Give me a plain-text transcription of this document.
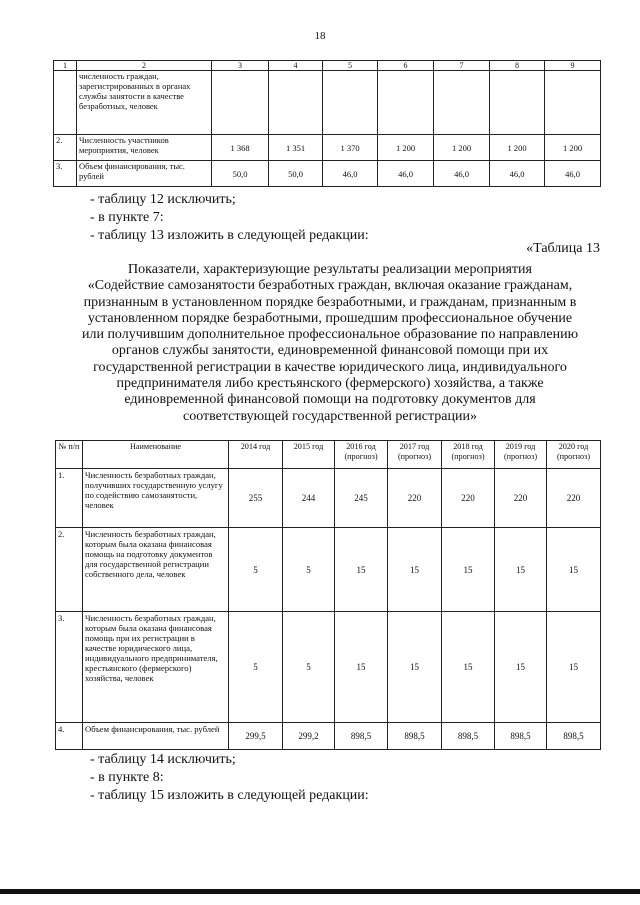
18
1	2	3	4	5	6	7	8	9
	численность граждан, зарегистрированных в органах службы занятости в качестве безработных, человек							
2.	Численность участников мероприятия, человек	1 368	1 351	1 370	1 200	1 200	1 200	1 200
3.	Объем финансирования, тыс. рублей	50,0	50,0	46,0	46,0	46,0	46,0	46,0
- таблицу 12 исключить;
- в пункте 7:
- таблицу 13 изложить в следующей редакции:
«Таблица 13
Показатели, характеризующие результаты реализации мероприятия
«Содействие самозанятости безработных граждан, включая оказание гражданам,
признанным в установленном порядке безработными, и гражданам, признанным в
установленном порядке безработными, прошедшим профессиональное обучение
или получившим дополнительное профессиональное образование по направлению
органов службы занятости, единовременной финансовой помощи при их
государственной регистрации в качестве юридического лица, индивидуального
предпринимателя либо крестьянского (фермерского) хозяйства, а также
единовременной финансовой помощи на подготовку документов для
соответствующей государственной регистрации»
№ п/п	Наименование	2014 год	2015 год	2016 год (прогноз)	2017 год (прогноз)	2018 год (прогноз)	2019 год (прогноз)	2020 год (прогноз)
1.	Численность безработных граждан, получивших государственную услугу по содействию самозанятости, человек	255	244	245	220	220	220	220
2.	Численность безработных граждан, которым была оказана финансовая помощь на подготовку документов для государственной регистрации собственного дела, человек	5	5	15	15	15	15	15
3.	Численность безработных граждан, которым была оказана финансовая помощь при их регистрации в качестве юридического лица, индивидуального предпринимателя, крестьянского (фермерского) хозяйства, человек	5	5	15	15	15	15	15
4.	Объем финансирования, тыс. рублей	299,5	299,2	898,5	898,5	898,5	898,5	898,5
- таблицу 14 исключить;
- в пункте 8:
- таблицу 15 изложить в следующей редакции:
